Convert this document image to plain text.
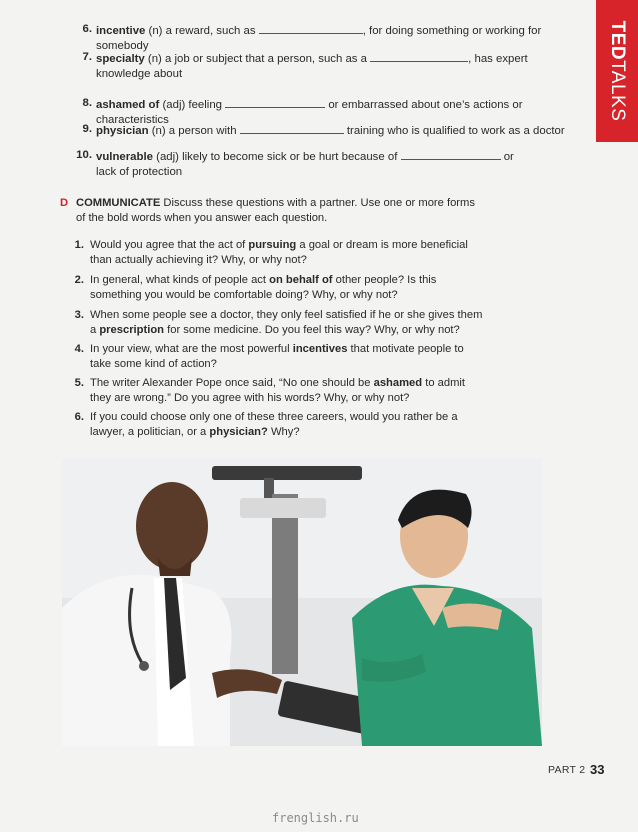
TEDTALKS
6. incentive (n) a reward, such as	, for doing something or working for somebody
7. specialty (n) a job or subject that a person, such as a	, has expert
knowledge about
8. ashamed of (adj) feeling	or embarrassed about one’s actions or characteristics
9. physician (n) a person with	training who is qualified to work as a doctor
10. vulnerable (adj) likely to become sick or be hurt because of	or
lack of protection
D COMMUNICATE Discuss these questions with a partner. Use one or more forms of the bold words when you answer each question.
1. Would you agree that the act of pursuing a goal or dream is more beneficial than actually achieving it? Why, or why not?
2. In general, what kinds of people act on behalf of other people? Is this something you would be comfortable doing? Why, or why not?
3. When some people see a doctor, they only feel satisfied if he or she gives them a prescription for some medicine. Do you feel this way? Why, or why not?
4. In your view, what are the most powerful incentives that motivate people to take some kind of action?
5. The writer Alexander Pope once said, “No one should be ashamed to admit they are wrong.” Do you agree with his words? Why, or why not?
6. If you could choose only one of these three careers, would you rather be a lawyer, a politician, or a physician? Why?
PART 2 33
frenglish.ru
